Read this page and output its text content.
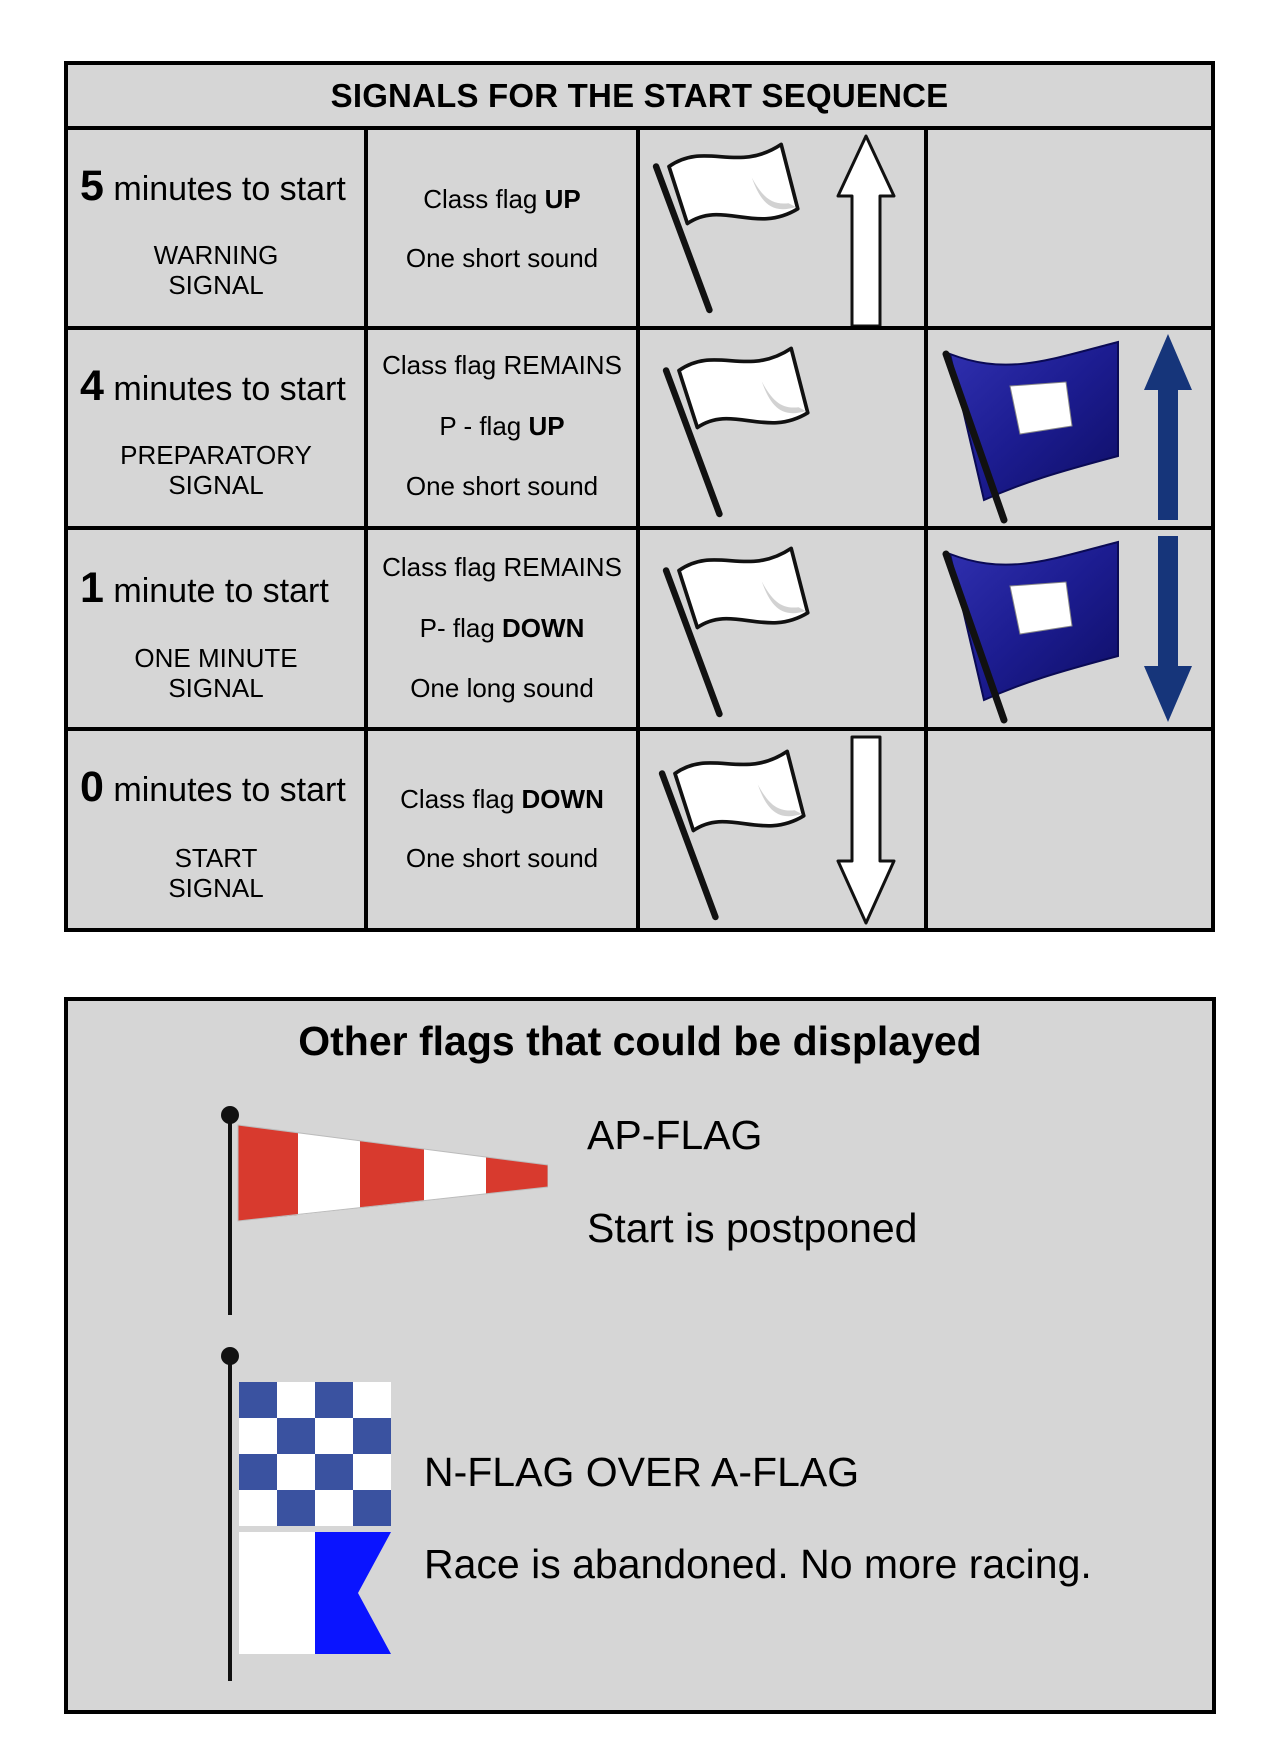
SIGNALS FOR THE START SEQUENCE
5 minutes to start
WARNING
SIGNAL
Class flag UP
One short sound
4 minutes to start
PREPARATORY
SIGNAL
Class flag REMAINS
P - flag UP
One short sound
1 minute to start
ONE MINUTE
SIGNAL
Class flag REMAINS
P- flag DOWN
One long sound
0 minutes to start
START
SIGNAL
Class flag DOWN
One short sound
Other flags that could be displayed
AP-FLAG
Start is postponed
N-FLAG OVER A-FLAG
Race is abandoned. No more racing.
